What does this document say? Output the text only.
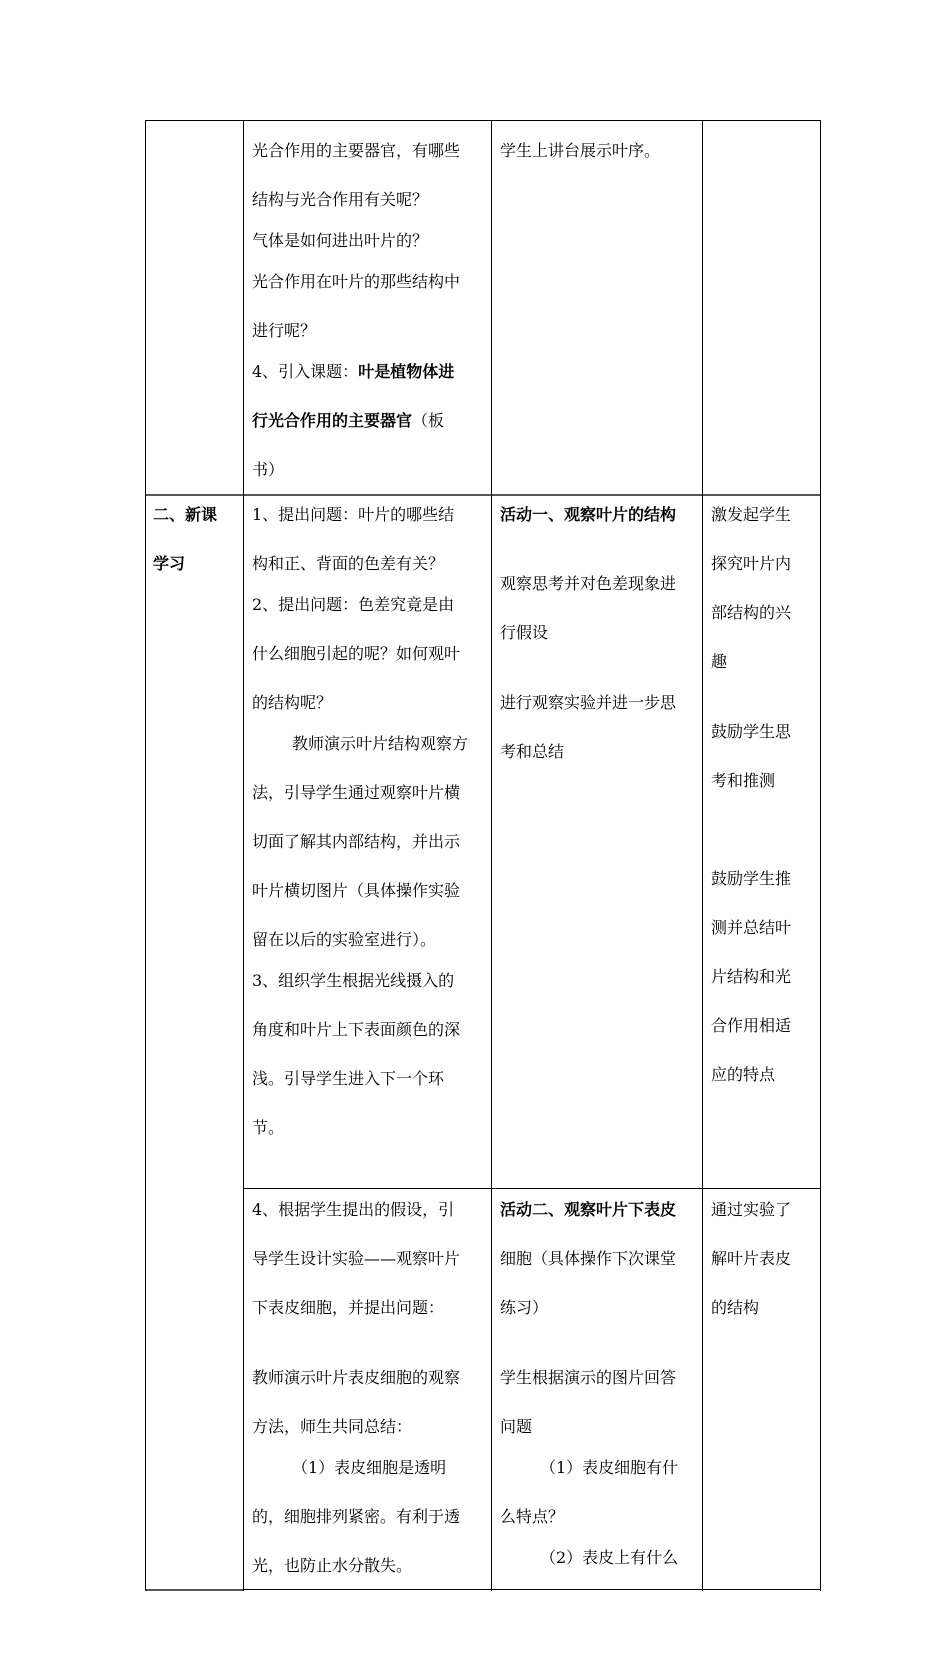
光合作用的主要器官，有哪些
结构与光合作用有关呢？
气体是如何进出叶片的？
光合作用在叶片的那些结构中
进行呢？
4、引入课题：叶是植物体进
行光合作用的主要器官（板
书）
学生上讲台展示叶序。
二、新课
学习
1、提出问题：叶片的哪些结
构和正、背面的色差有关？
2、提出问题：色差究竟是由
什么细胞引起的呢？如何观叶
的结构呢？
教师演示叶片结构观察方
法，引导学生通过观察叶片横
切面了解其内部结构，并出示
叶片横切图片（具体操作实验
留在以后的实验室进行）。
3、组织学生根据光线摄入的
角度和叶片上下表面颜色的深
浅。引导学生进入下一个环
节。
活动一、观察叶片的结构
观察思考并对色差现象进
行假设
进行观察实验并进一步思
考和总结
激发起学生
探究叶片内
部结构的兴
趣
鼓励学生思
考和推测
鼓励学生推
测并总结叶
片结构和光
合作用相适
应的特点
4、根据学生提出的假设，引
导学生设计实验——观察叶片
下表皮细胞，并提出问题：
教师演示叶片表皮细胞的观察
方法，师生共同总结：
（1）表皮细胞是透明
的，细胞排列紧密。有利于透
光，也防止水分散失。
活动二、观察叶片下表皮
细胞（具体操作下次课堂
练习）
学生根据演示的图片回答
问题
（1）表皮细胞有什
么特点？
（2）表皮上有什么
通过实验了
解叶片表皮
的结构
